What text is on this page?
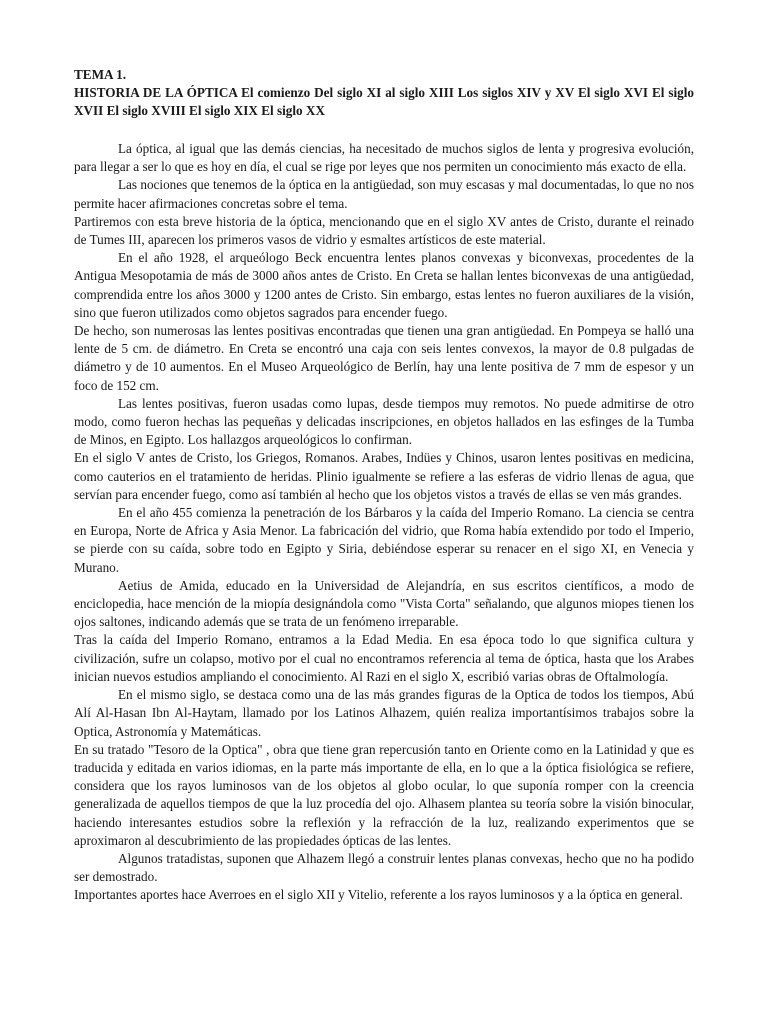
TEMA 1.

HISTORIA DE LA ÓPTICA El comienzo Del siglo XI al siglo XIII Los siglos XIV y XV El siglo XVI El siglo XVII El siglo XVIII El siglo XIX El siglo XX

La óptica, al igual que las demás ciencias, ha necesitado de muchos siglos de lenta y progresiva evolución, para llegar a ser lo que es hoy en día, el cual se rige por leyes que nos permiten un conocimiento más exacto de ella.

Las nociones que tenemos de la óptica en la antigüedad, son muy escasas y mal documentadas, lo que no nos permite hacer afirmaciones concretas sobre el tema.

Partiremos con esta breve historia de la óptica, mencionando que en el siglo XV antes de Cristo, durante el reinado de Tumes III, aparecen los primeros vasos de vidrio y esmaltes artísticos de este material.

En el año 1928, el arqueólogo Beck encuentra lentes planos convexas y biconvexas, procedentes de la Antigua Mesopotamia de más de 3000 años antes de Cristo. En Creta se hallan lentes biconvexas de una antigüedad, comprendida entre los años 3000 y 1200 antes de Cristo. Sin embargo, estas lentes no fueron auxiliares de la visión, sino que fueron utilizados como objetos sagrados para encender fuego.

De hecho, son numerosas las lentes positivas encontradas que tienen una gran antigüedad. En Pompeya se halló una lente de 5 cm. de diámetro. En Creta se encontró una caja con seis lentes convexos, la mayor de 0.8 pulgadas de diámetro y de 10 aumentos. En el Museo Arqueológico de Berlín, hay una lente positiva de 7 mm de espesor y un foco de 152 cm.

Las lentes positivas, fueron usadas como lupas, desde tiempos muy remotos. No puede admitirse de otro modo, como fueron hechas las pequeñas y delicadas inscripciones, en objetos hallados en las esfinges de la Tumba de Minos, en Egipto. Los hallazgos arqueológicos lo confirman.

En el siglo V antes de Cristo, los Griegos, Romanos. Arabes, Indües y Chinos, usaron lentes positivas en medicina, como cauterios en el tratamiento de heridas. Plinio igualmente se refiere a las esferas de vidrio llenas de agua, que servían para encender fuego, como así también al hecho que los objetos vistos a través de ellas se ven más grandes.

En el año 455 comienza la penetración de los Bárbaros y la caída del Imperio Romano. La ciencia se centra en Europa, Norte de Africa y Asia Menor. La fabricación del vidrio, que Roma había extendido por todo el Imperio, se pierde con su caída, sobre todo en Egipto y Siria, debiéndose esperar su renacer en el sigo XI, en Venecia y Murano.

Aetius de Amida, educado en la Universidad de Alejandría, en sus escritos científicos, a modo de enciclopedia, hace mención de la miopía designándola como "Vista Corta" señalando, que algunos miopes tienen los ojos saltones, indicando además que se trata de un fenómeno irreparable.

Tras la caída del Imperio Romano, entramos a la Edad Media. En esa época todo lo que significa cultura y civilización, sufre un colapso, motivo por el cual no encontramos referencia al tema de óptica, hasta que los Arabes inician nuevos estudios ampliando el conocimiento. Al Razi en el siglo X, escribió varias obras de Oftalmología.

En el mismo siglo, se destaca como una de las más grandes figuras de la Optica de todos los tiempos, Abú Alí Al-Hasan Ibn Al-Haytam, llamado por los Latinos Alhazem, quién realiza importantísimos trabajos sobre la Optica, Astronomía y Matemáticas.

En su tratado "Tesoro de la Optica" , obra que tiene gran repercusión tanto en Oriente como en la Latinidad y que es traducida y editada en varios idiomas, en la parte más importante de ella, en lo que a la óptica fisiológica se refiere, considera que los rayos luminosos van de los objetos al globo ocular, lo que suponía romper con la creencia generalizada de aquellos tiempos de que la luz procedía del ojo. Alhasem plantea su teoría sobre la visión binocular, haciendo interesantes estudios sobre la reflexión y la refracción de la luz, realizando experimentos que se aproximaron al descubrimiento de las propiedades ópticas de las lentes.

Algunos tratadistas, suponen que Alhazem llegó a construir lentes planas convexas, hecho que no ha podido ser demostrado.

Importantes aportes hace Averroes en el siglo XII y Vitelio, referente a los rayos luminosos y a la óptica en general.
